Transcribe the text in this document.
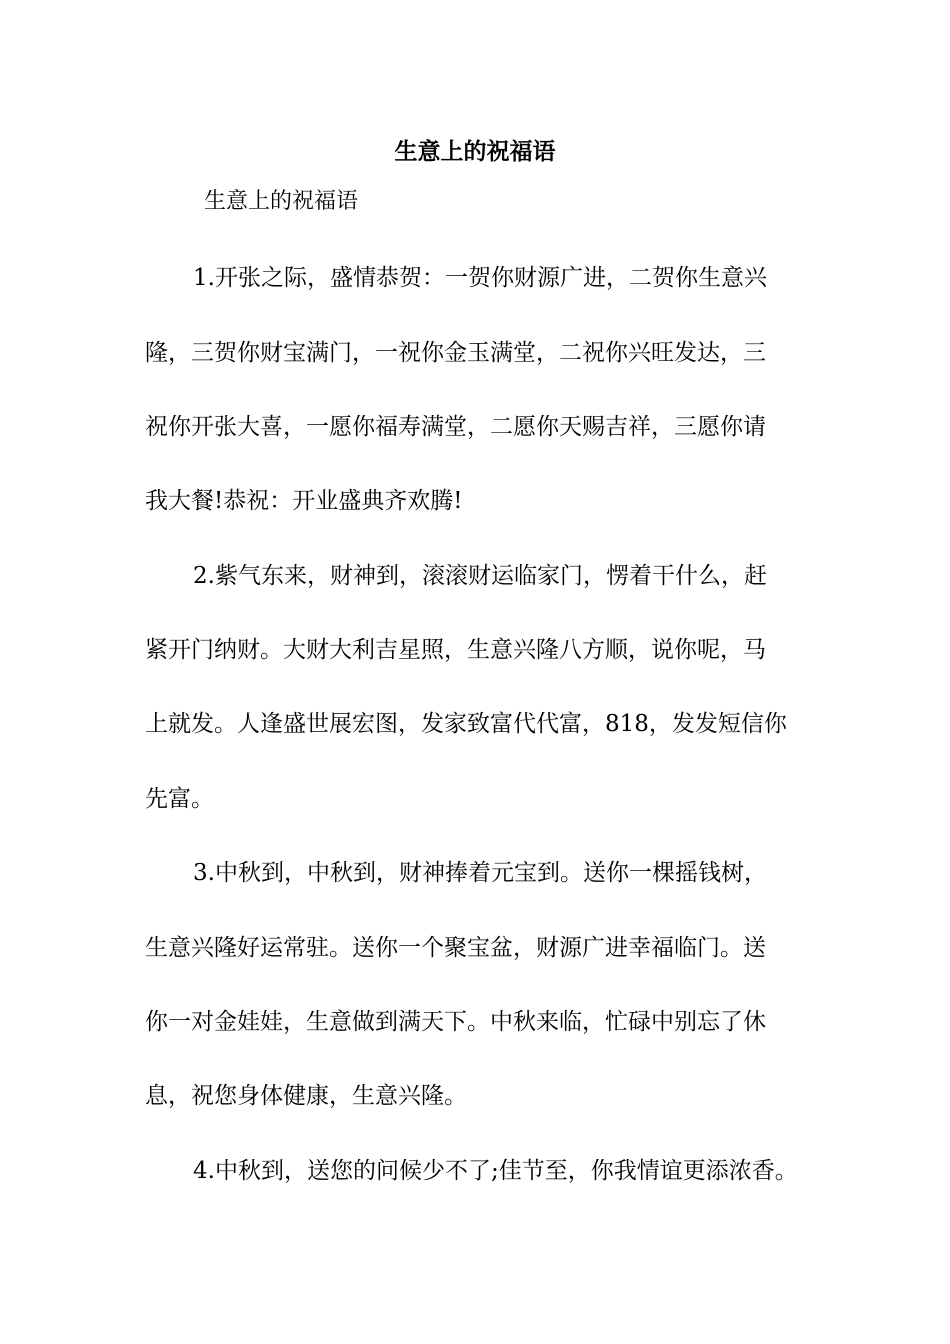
生意上的祝福语

生意上的祝福语

1.开张之际，盛情恭贺：一贺你财源广进，二贺你生意兴

隆，三贺你财宝满门，一祝你金玉满堂，二祝你兴旺发达，三

祝你开张大喜，一愿你福寿满堂，二愿你天赐吉祥，三愿你请

我大餐!恭祝：开业盛典齐欢腾!

2.紫气东来，财神到，滚滚财运临家门，愣着干什么，赶

紧开门纳财。大财大利吉星照，生意兴隆八方顺，说你呢，马

上就发。人逢盛世展宏图，发家致富代代富，818，发发短信你

先富。

3.中秋到，中秋到，财神捧着元宝到。送你一棵摇钱树，

生意兴隆好运常驻。送你一个聚宝盆，财源广进幸福临门。送

你一对金娃娃，生意做到满天下。中秋来临，忙碌中别忘了休

息，祝您身体健康，生意兴隆。

4.中秋到，送您的问候少不了;佳节至，你我情谊更添浓香。
